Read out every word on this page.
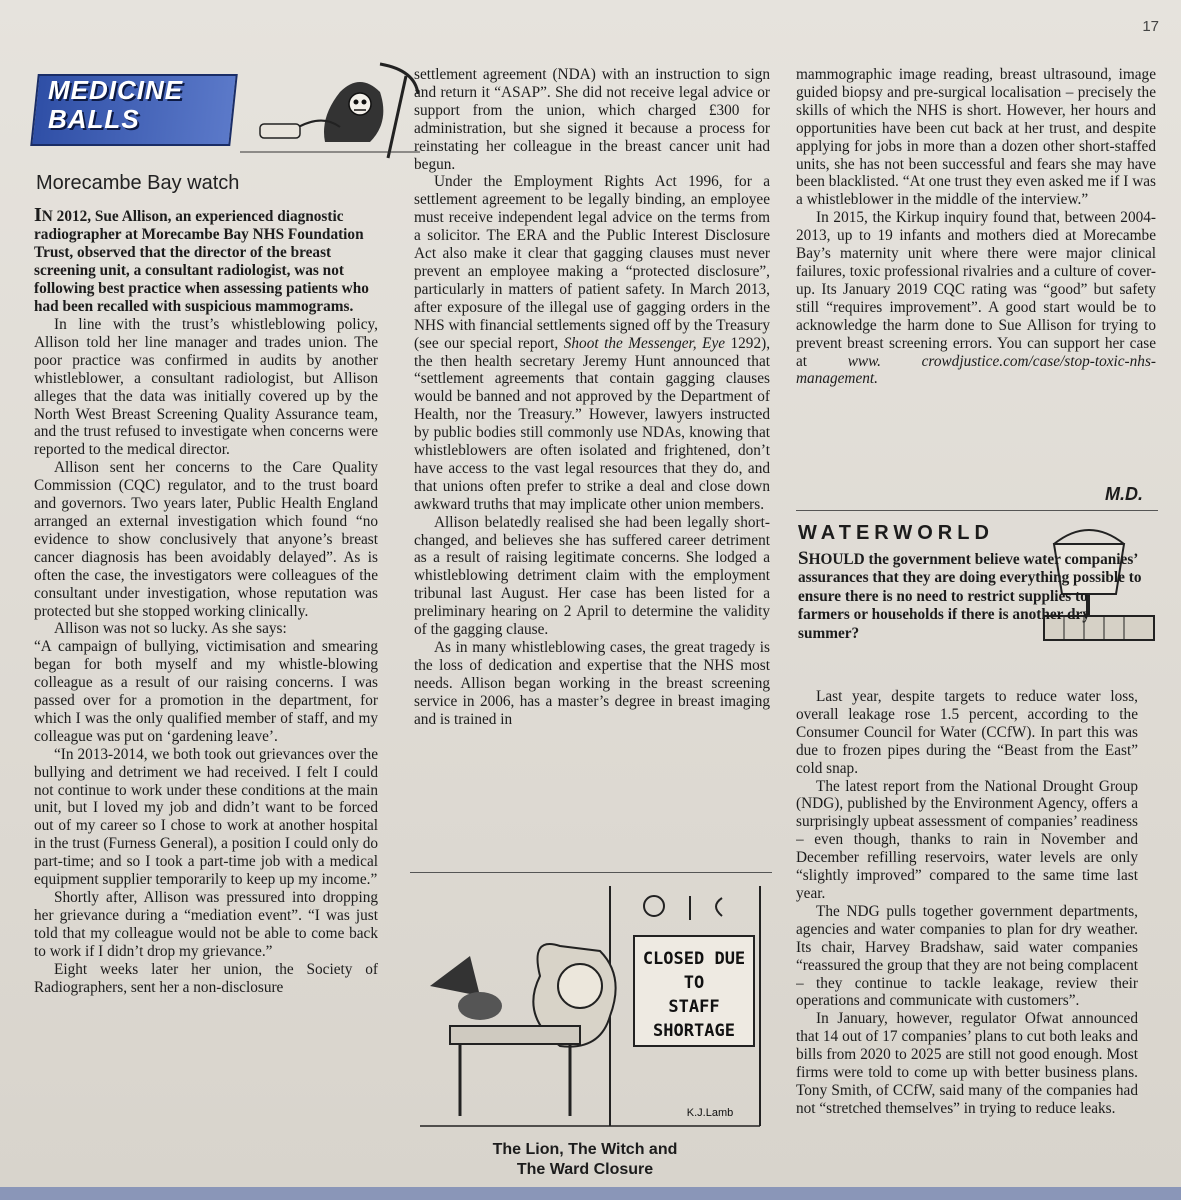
17
MEDICINE
BALLS
Morecambe Bay watch
IN 2012, Sue Allison, an experienced diagnostic radiographer at Morecambe Bay NHS Foundation Trust, observed that the director of the breast screening unit, a consultant radiologist, was not following best practice when assessing patients who had been recalled with suspicious mammograms.

In line with the trust’s whistleblowing policy, Allison told her line manager and trades union. The poor practice was confirmed in audits by another whistleblower, a consultant radiologist, but Allison alleges that the data was initially covered up by the North West Breast Screening Quality Assurance team, and the trust refused to investigate when concerns were reported to the medical director.

Allison sent her concerns to the Care Quality Commission (CQC) regulator, and to the trust board and governors. Two years later, Public Health England arranged an external investigation which found “no evidence to show conclusively that anyone’s breast cancer diagnosis has been avoidably delayed”. As is often the case, the investigators were colleagues of the consultant under investigation, whose reputation was protected but she stopped working clinically.

Allison was not so lucky. As she says:

“A campaign of bullying, victimisation and smearing began for both myself and my whistle-blowing colleague as a result of our raising concerns. I was passed over for a promotion in the department, for which I was the only qualified member of staff, and my colleague was put on ‘gardening leave’.

“In 2013-2014, we both took out grievances over the bullying and detriment we had received. I felt I could not continue to work under these conditions at the main unit, but I loved my job and didn’t want to be forced out of my career so I chose to work at another hospital in the trust (Furness General), a position I could only do part-time; and so I took a part-time job with a medical equipment supplier temporarily to keep up my income.”

Shortly after, Allison was pressured into dropping her grievance during a “mediation event”. “I was just told that my colleague would not be able to come back to work if I didn’t drop my grievance.”

Eight weeks later her union, the Society of Radiographers, sent her a non-disclosure

settlement agreement (NDA) with an instruction to sign and return it “ASAP”. She did not receive legal advice or support from the union, which charged £300 for administration, but she signed it because a process for reinstating her colleague in the breast cancer unit had begun.

Under the Employment Rights Act 1996, for a settlement agreement to be legally binding, an employee must receive independent legal advice on the terms from a solicitor. The ERA and the Public Interest Disclosure Act also make it clear that gagging clauses must never prevent an employee making a “protected disclosure”, particularly in matters of patient safety. In March 2013, after exposure of the illegal use of gagging orders in the NHS with financial settlements signed off by the Treasury (see our special report, Shoot the Messenger, Eye 1292), the then health secretary Jeremy Hunt announced that “settlement agreements that contain gagging clauses would be banned and not approved by the Department of Health, nor the Treasury.” However, lawyers instructed by public bodies still commonly use NDAs, knowing that whistleblowers are often isolated and frightened, don’t have access to the vast legal resources that they do, and that unions often prefer to strike a deal and close down awkward truths that may implicate other union members.

Allison belatedly realised she had been legally short-changed, and believes she has suffered career detriment as a result of raising legitimate concerns. She lodged a whistleblowing detriment claim with the employment tribunal last August. Her case has been listed for a preliminary hearing on 2 April to determine the validity of the gagging clause.

As in many whistleblowing cases, the great tragedy is the loss of dedication and expertise that the NHS most needs. Allison began working in the breast screening service in 2006, has a master’s degree in breast imaging and is trained in

mammographic image reading, breast ultrasound, image guided biopsy and pre-surgical localisation – precisely the skills of which the NHS is short. However, her hours and opportunities have been cut back at her trust, and despite applying for jobs in more than a dozen other short-staffed units, she has not been successful and fears she may have been blacklisted. “At one trust they even asked me if I was a whistleblower in the middle of the interview.”

In 2015, the Kirkup inquiry found that, between 2004-2013, up to 19 infants and mothers died at Morecambe Bay’s maternity unit where there were major clinical failures, toxic professional rivalries and a culture of cover-up. Its January 2019 CQC rating was “good” but safety still “requires improvement”. A good start would be to acknowledge the harm done to Sue Allison for trying to prevent breast screening errors. You can support her case at	www. crowdjustice.com/case/stop-toxic-nhs-management.

M.D.
CLOSED DUE
TO
STAFF
SHORTAGE
K.J.Lamb
The Lion, The Witch and
The Ward Closure
WATERWORLD
SHOULD the government believe water companies’ assurances that they are doing everything possible to ensure there is no need to restrict supplies to farmers or households if there is another dry summer?

Last year, despite targets to reduce water loss, overall leakage rose 1.5 percent, according to the Consumer Council for Water (CCfW). In part this was due to frozen pipes during the “Beast from the East” cold snap.

The latest report from the National Drought Group (NDG), published by the Environment Agency, offers a surprisingly upbeat assessment of companies’ readiness – even though, thanks to rain in November and December refilling reservoirs, water levels are only “slightly improved” compared to the same time last year.

The NDG pulls together government departments, agencies and water companies to plan for dry weather. Its chair, Harvey Bradshaw, said water companies “reassured the group that they are not being complacent – they continue to tackle leakage, review their operations and communicate with customers”.

In January, however, regulator Ofwat announced that 14 out of 17 companies’ plans to cut both leaks and bills from 2020 to 2025 are still not good enough. Most firms were told to come up with better business plans. Tony Smith, of CCfW, said many of the companies had not “stretched themselves” in trying to reduce leaks.
